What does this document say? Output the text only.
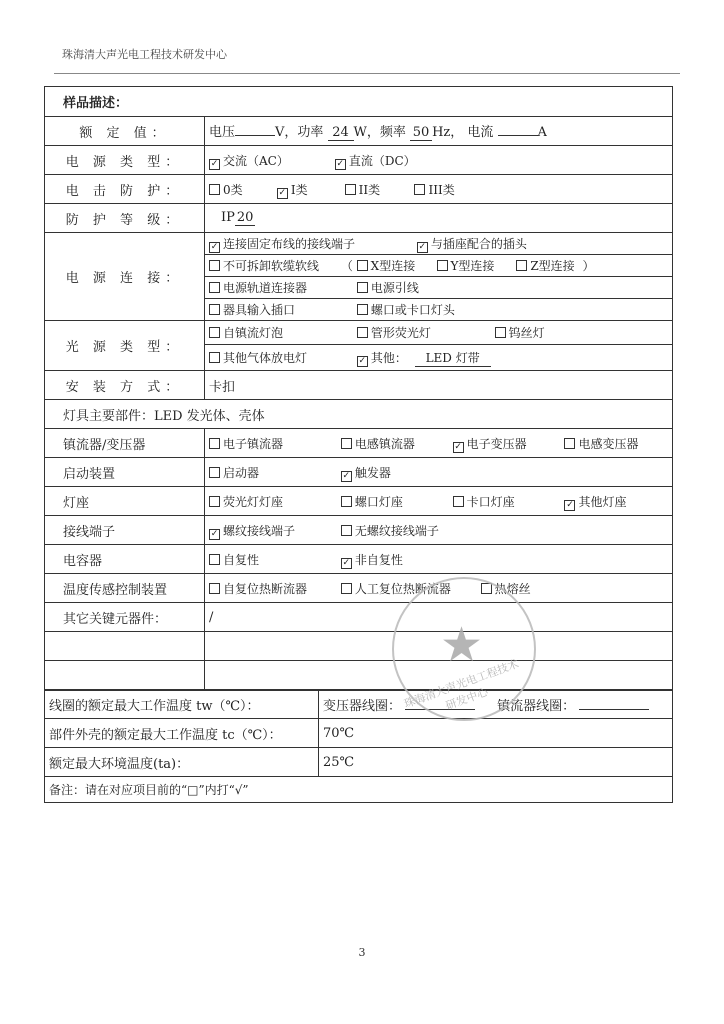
珠海清大声光电工程技术研发中心
样品描述：		
额 定 值：	电压 V，功率 24 W，频率 50 Hz， 电流 A	
电 源 类 型：	✓ 交流（AC） ✓ 直流（DC）	
电 击 防 护：	0类 ✓ I类 II类 III类	
防 护 等 级：	IP 20	
电 源 连 接：	✓ 连接固定布线的接线端子 ✓ 与插座配合的插头	
	不可拆卸软缆软线 （ X型连接 Y型连接 Z型连接 ）	
	电源轨道连接器 电源引线	
	器具输入插口 螺口或卡口灯头	
光 源 类 型：	自镇流灯泡 管形荧光灯 钨丝灯	
	其他气体放电灯 ✓ 其他： LED 灯带	
安 装 方 式：	卡扣	
灯具主要部件：LED 发光体、壳体		
镇流器/变压器	电子镇流器 电感镇流器 ✓ 电子变压器 电感变压器	
启动装置	启动器 ✓ 触发器	
灯座	荧光灯灯座 螺口灯座 卡口灯座 ✓ 其他灯座	
接线端子	✓ 螺纹接线端子 无螺纹接线端子	
电容器	自复性 ✓ 非自复性	
温度传感控制装置	自复位热断流器 人工复位热断流器 热熔丝	
其它关键元器件：	/	

线圈的额定最大工作温度 tw（℃）：		变压器线圈： 镇流器线圈：
部件外壳的额定最大工作温度 tc（℃）：		70℃
额定最大环境温度(ta)：		25℃
备注：请在对应项目前的“□”内打“√”		
★
珠海清大声光电工程技术研发中心
3
